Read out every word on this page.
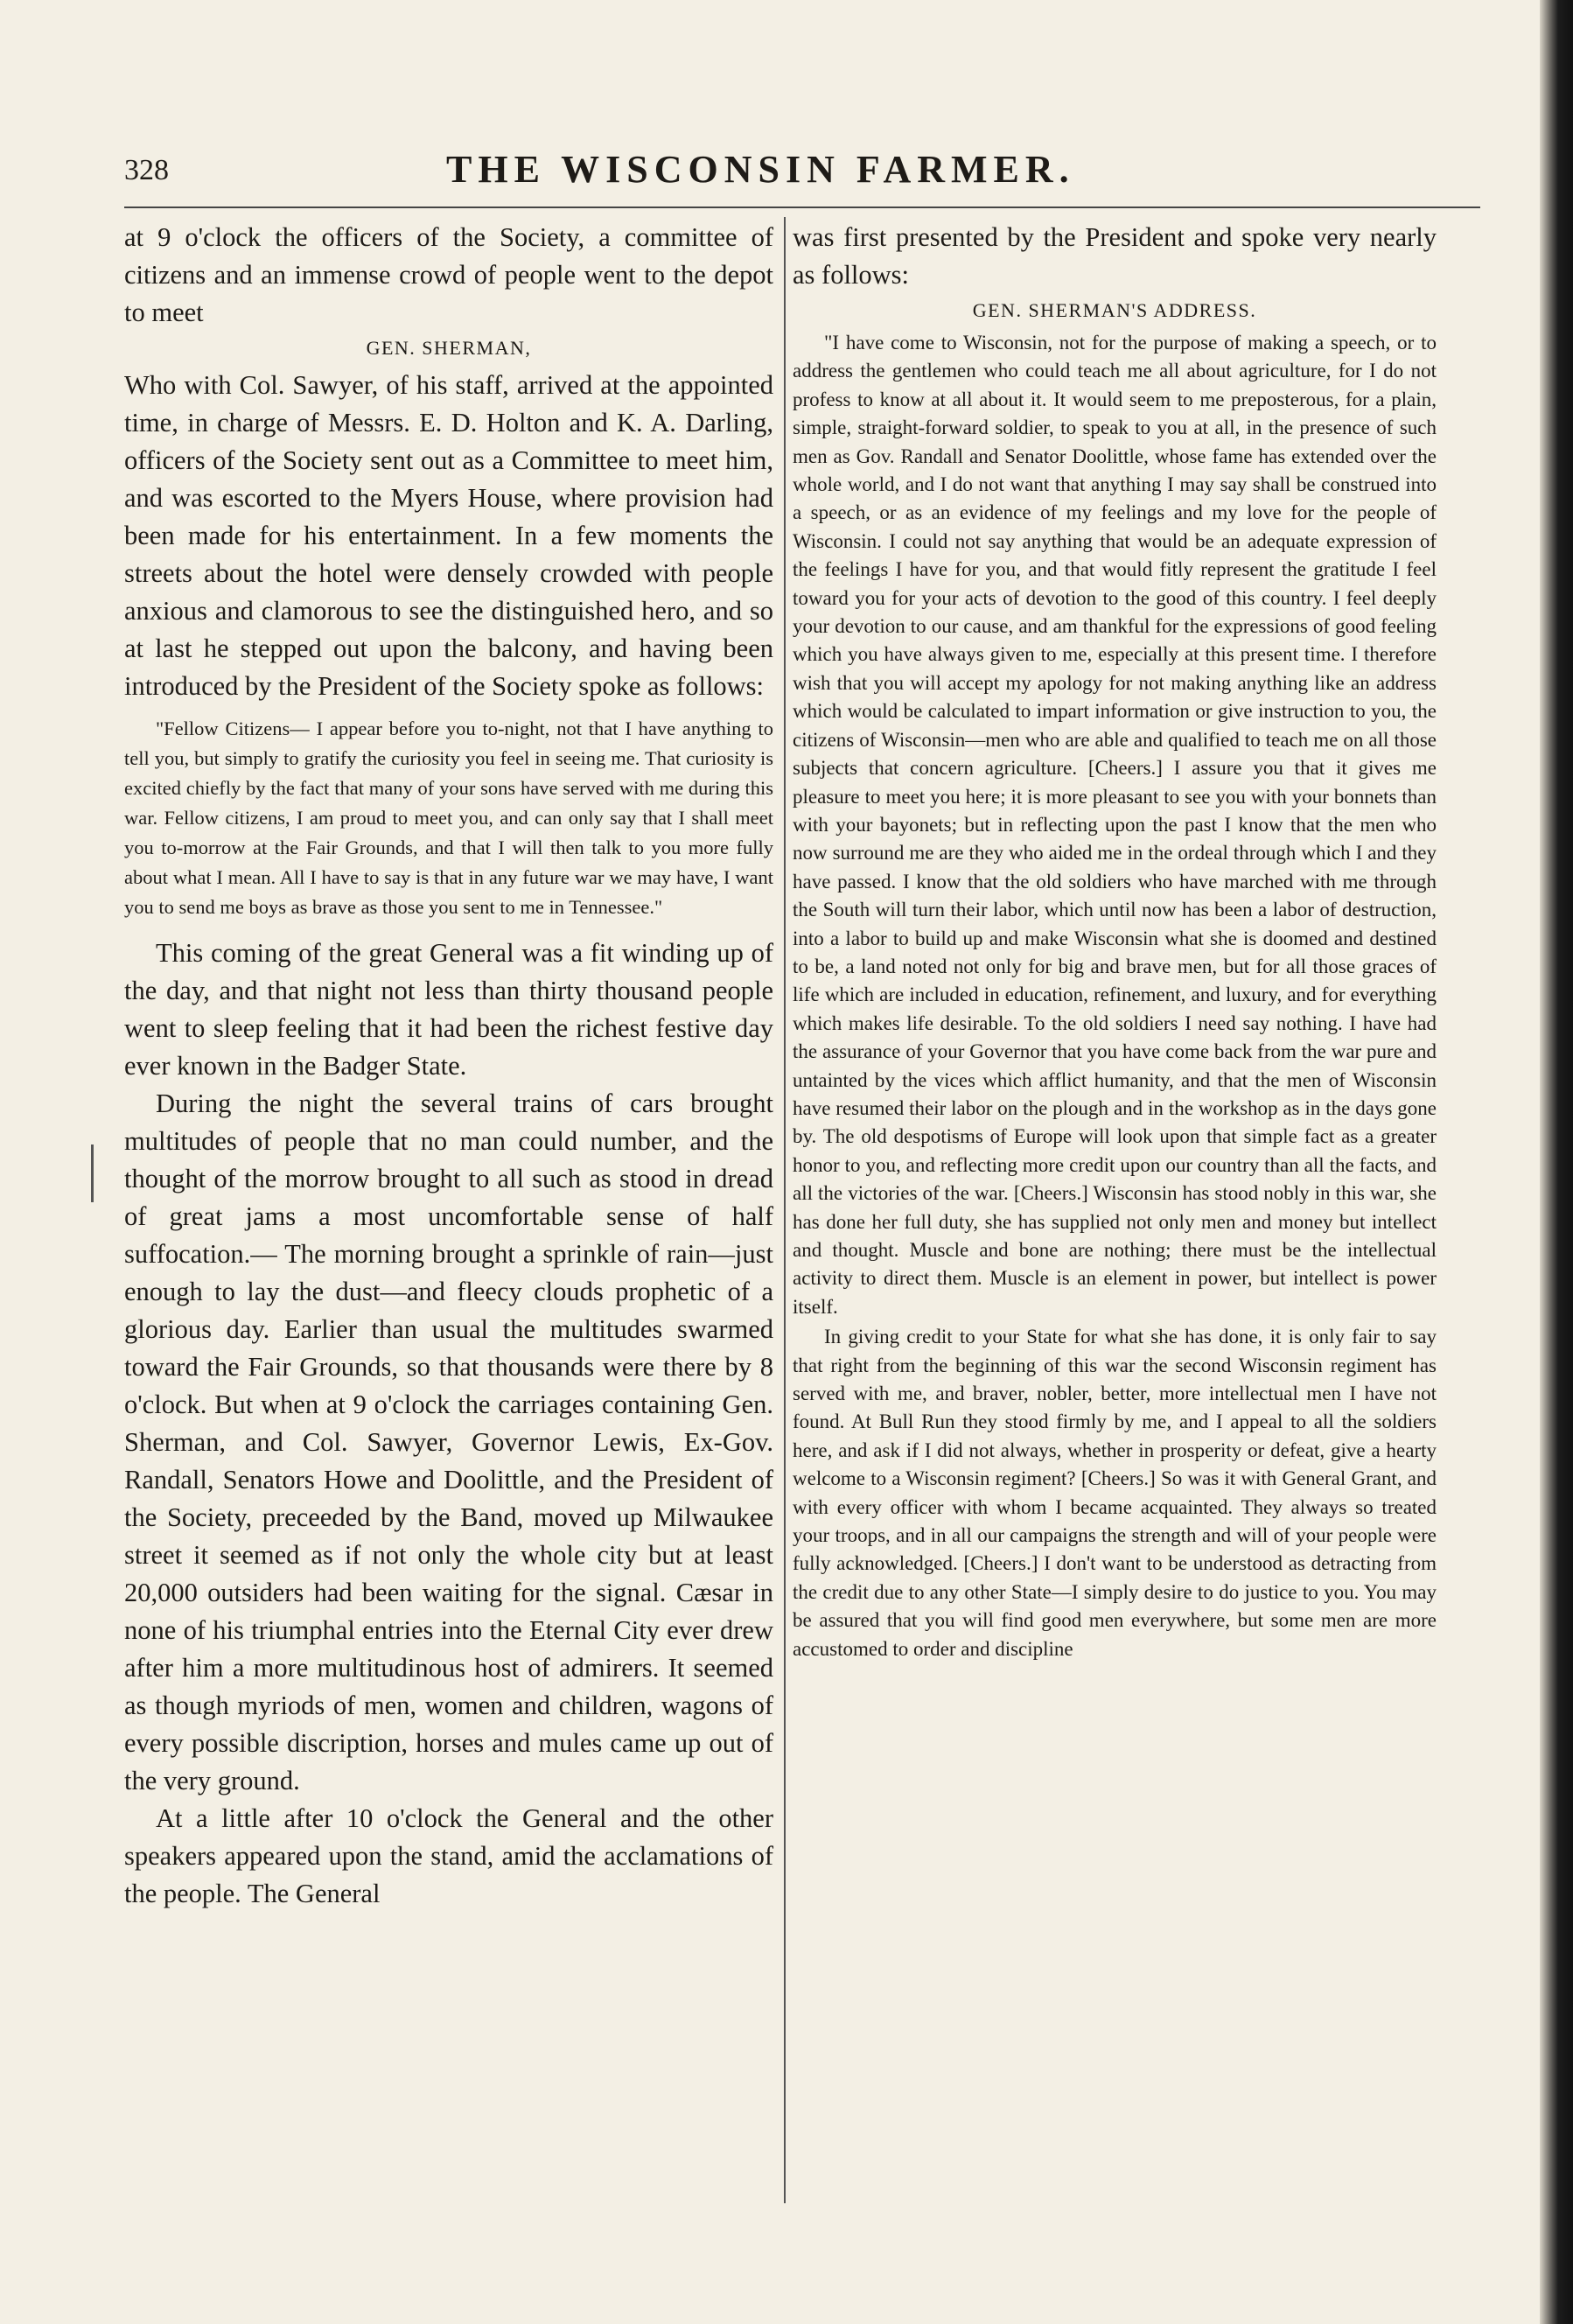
328	THE WISCONSIN FARMER.

at 9 o'clock the officers of the Society, a committee of citizens and an immense crowd of people went to the depot to meet

GEN. SHERMAN,

Who with Col. Sawyer, of his staff, arrived at the appointed time, in charge of Messrs. E. D. Holton and K. A. Darling, officers of the Society sent out as a Committee to meet him, and was escorted to the Myers House, where provision had been made for his entertainment. In a few moments the streets about the hotel were densely crowded with people anxious and clamorous to see the distinguished hero, and so at last he stepped out upon the balcony, and having been introduced by the President of the Society spoke as follows:

"Fellow Citizens— I appear before you to-night, not that I have anything to tell you, but simply to gratify the curiosity you feel in seeing me. That curiosity is excited chiefly by the fact that many of your sons have served with me during this war. Fellow citizens, I am proud to meet you, and can only say that I shall meet you to-morrow at the Fair Grounds, and that I will then talk to you more fully about what I mean. All I have to say is that in any future war we may have, I want you to send me boys as brave as those you sent to me in Tennessee."

This coming of the great General was a fit winding up of the day, and that night not less than thirty thousand people went to sleep feeling that it had been the richest festive day ever known in the Badger State.

During the night the several trains of cars brought multitudes of people that no man could number, and the thought of the morrow brought to all such as stood in dread of great jams a most uncomfortable sense of half suffocation.— The morning brought a sprinkle of rain—just enough to lay the dust—and fleecy clouds prophetic of a glorious day. Earlier than usual the multitudes swarmed toward the Fair Grounds, so that thousands were there by 8 o'clock. But when at 9 o'clock the carriages containing Gen. Sherman, and Col. Sawyer, Governor Lewis, Ex-Gov. Randall, Senators Howe and Doolittle, and the President of the Society, preceeded by the Band, moved up Milwaukee street it seemed as if not only the whole city but at least 20,000 outsiders had been waiting for the signal. Cæsar in none of his triumphal entries into the Eternal City ever drew after him a more multitudinous host of admirers. It seemed as though myriods of men, women and children, wagons of every possible discription, horses and mules came up out of the very ground.

At a little after 10 o'clock the General and the other speakers appeared upon the stand, amid the acclamations of the people. The General

was first presented by the President and spoke very nearly as follows:

GEN. SHERMAN'S ADDRESS.

"I have come to Wisconsin, not for the purpose of making a speech, or to address the gentlemen who could teach me all about agriculture, for I do not profess to know at all about it. It would seem to me preposterous, for a plain, simple, straight-forward soldier, to speak to you at all, in the presence of such men as Gov. Randall and Senator Doolittle, whose fame has extended over the whole world, and I do not want that anything I may say shall be construed into a speech, or as an evidence of my feelings and my love for the people of Wisconsin. I could not say anything that would be an adequate expression of the feelings I have for you, and that would fitly represent the gratitude I feel toward you for your acts of devotion to the good of this country. I feel deeply your devotion to our cause, and am thankful for the expressions of good feeling which you have always given to me, especially at this present time. I therefore wish that you will accept my apology for not making anything like an address which would be calculated to impart information or give instruction to you, the citizens of Wisconsin—men who are able and qualified to teach me on all those subjects that concern agriculture. [Cheers.] I assure you that it gives me pleasure to meet you here; it is more pleasant to see you with your bonnets than with your bayonets; but in reflecting upon the past I know that the men who now surround me are they who aided me in the ordeal through which I and they have passed. I know that the old soldiers who have marched with me through the South will turn their labor, which until now has been a labor of destruction, into a labor to build up and make Wisconsin what she is doomed and destined to be, a land noted not only for big and brave men, but for all those graces of life which are included in education, refinement, and luxury, and for everything which makes life desirable. To the old soldiers I need say nothing. I have had the assurance of your Governor that you have come back from the war pure and untainted by the vices which afflict humanity, and that the men of Wisconsin have resumed their labor on the plough and in the workshop as in the days gone by. The old despotisms of Europe will look upon that simple fact as a greater honor to you, and reflecting more credit upon our country than all the facts, and all the victories of the war. [Cheers.] Wisconsin has stood nobly in this war, she has done her full duty, she has supplied not only men and money but intellect and thought. Muscle and bone are nothing; there must be the intellectual activity to direct them. Muscle is an element in power, but intellect is power itself.

In giving credit to your State for what she has done, it is only fair to say that right from the beginning of this war the second Wisconsin regiment has served with me, and braver, nobler, better, more intellectual men I have not found. At Bull Run they stood firmly by me, and I appeal to all the soldiers here, and ask if I did not always, whether in prosperity or defeat, give a hearty welcome to a Wisconsin regiment? [Cheers.] So was it with General Grant, and with every officer with whom I became acquainted. They always so treated your troops, and in all our campaigns the strength and will of your people were fully acknowledged. [Cheers.] I don't want to be understood as detracting from the credit due to any other State—I simply desire to do justice to you. You may be assured that you will find good men everywhere, but some men are more accustomed to order and discipline
